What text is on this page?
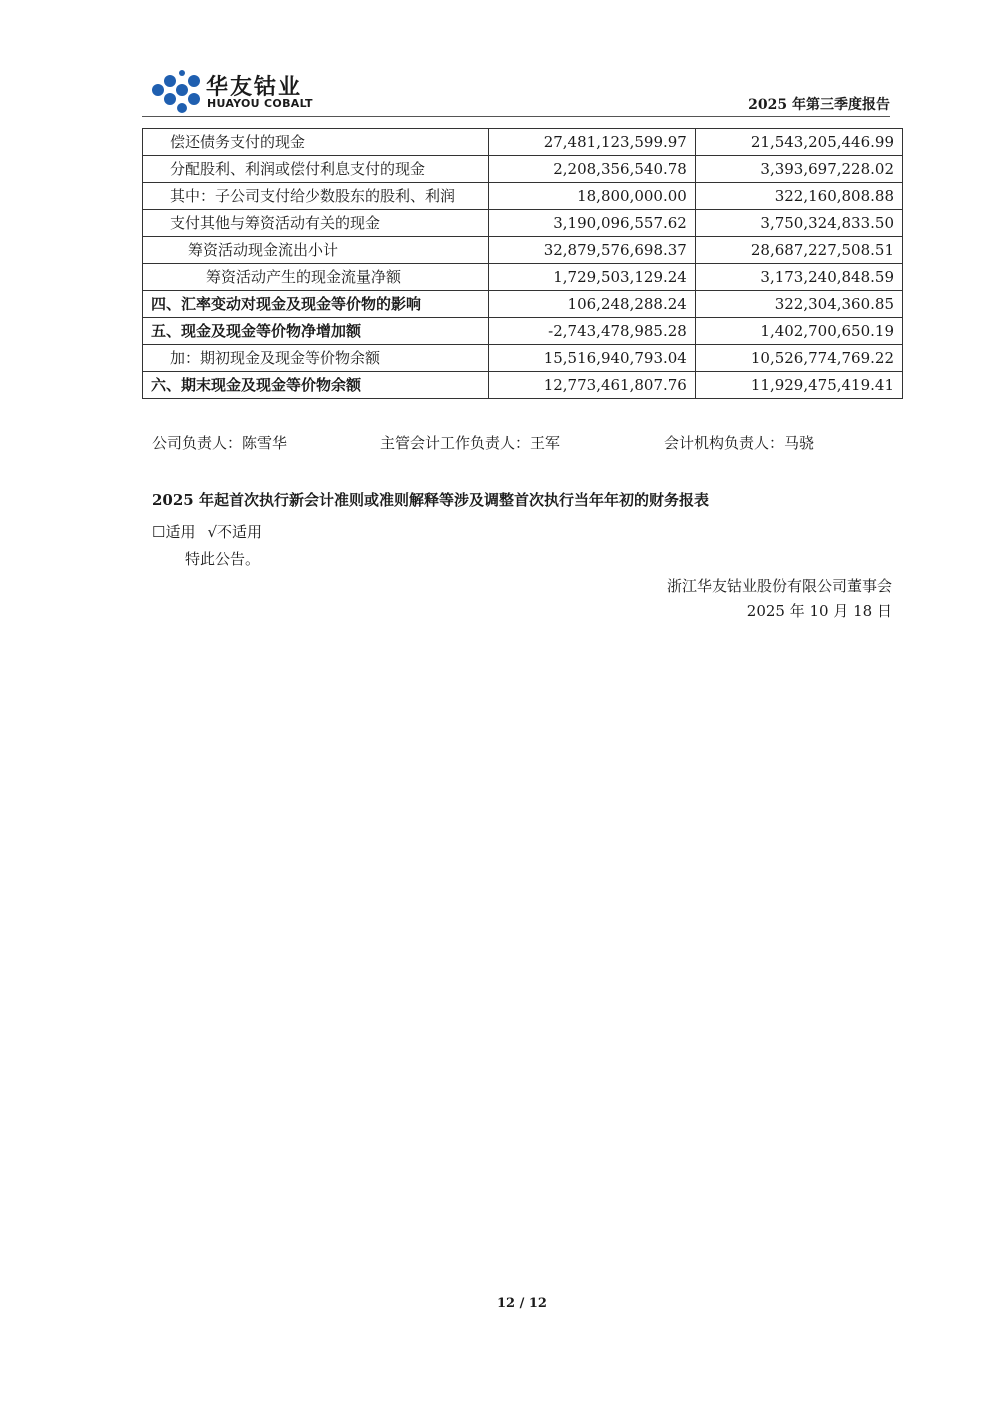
华友钴业
HUAYOU COBALT	2025 年第三季度报告
偿还债务支付的现金	27,481,123,599.97	21,543,205,446.99
分配股利、利润或偿付利息支付的现金	2,208,356,540.78	3,393,697,228.02
其中：子公司支付给少数股东的股利、利润	18,800,000.00	322,160,808.88
支付其他与筹资活动有关的现金	3,190,096,557.62	3,750,324,833.50
筹资活动现金流出小计	32,879,576,698.37	28,687,227,508.51
筹资活动产生的现金流量净额	1,729,503,129.24	3,173,240,848.59
四、汇率变动对现金及现金等价物的影响	106,248,288.24	322,304,360.85
五、现金及现金等价物净增加额	-2,743,478,985.28	1,402,700,650.19
加：期初现金及现金等价物余额	15,516,940,793.04	10,526,774,769.22
六、期末现金及现金等价物余额	12,773,461,807.76	11,929,475,419.41
公司负责人：陈雪华	主管会计工作负责人：王军	会计机构负责人：马骁
2025 年起首次执行新会计准则或准则解释等涉及调整首次执行当年年初的财务报表
☐适用 √不适用
特此公告。
浙江华友钴业股份有限公司董事会
2025 年 10 月 18 日
12 / 12
